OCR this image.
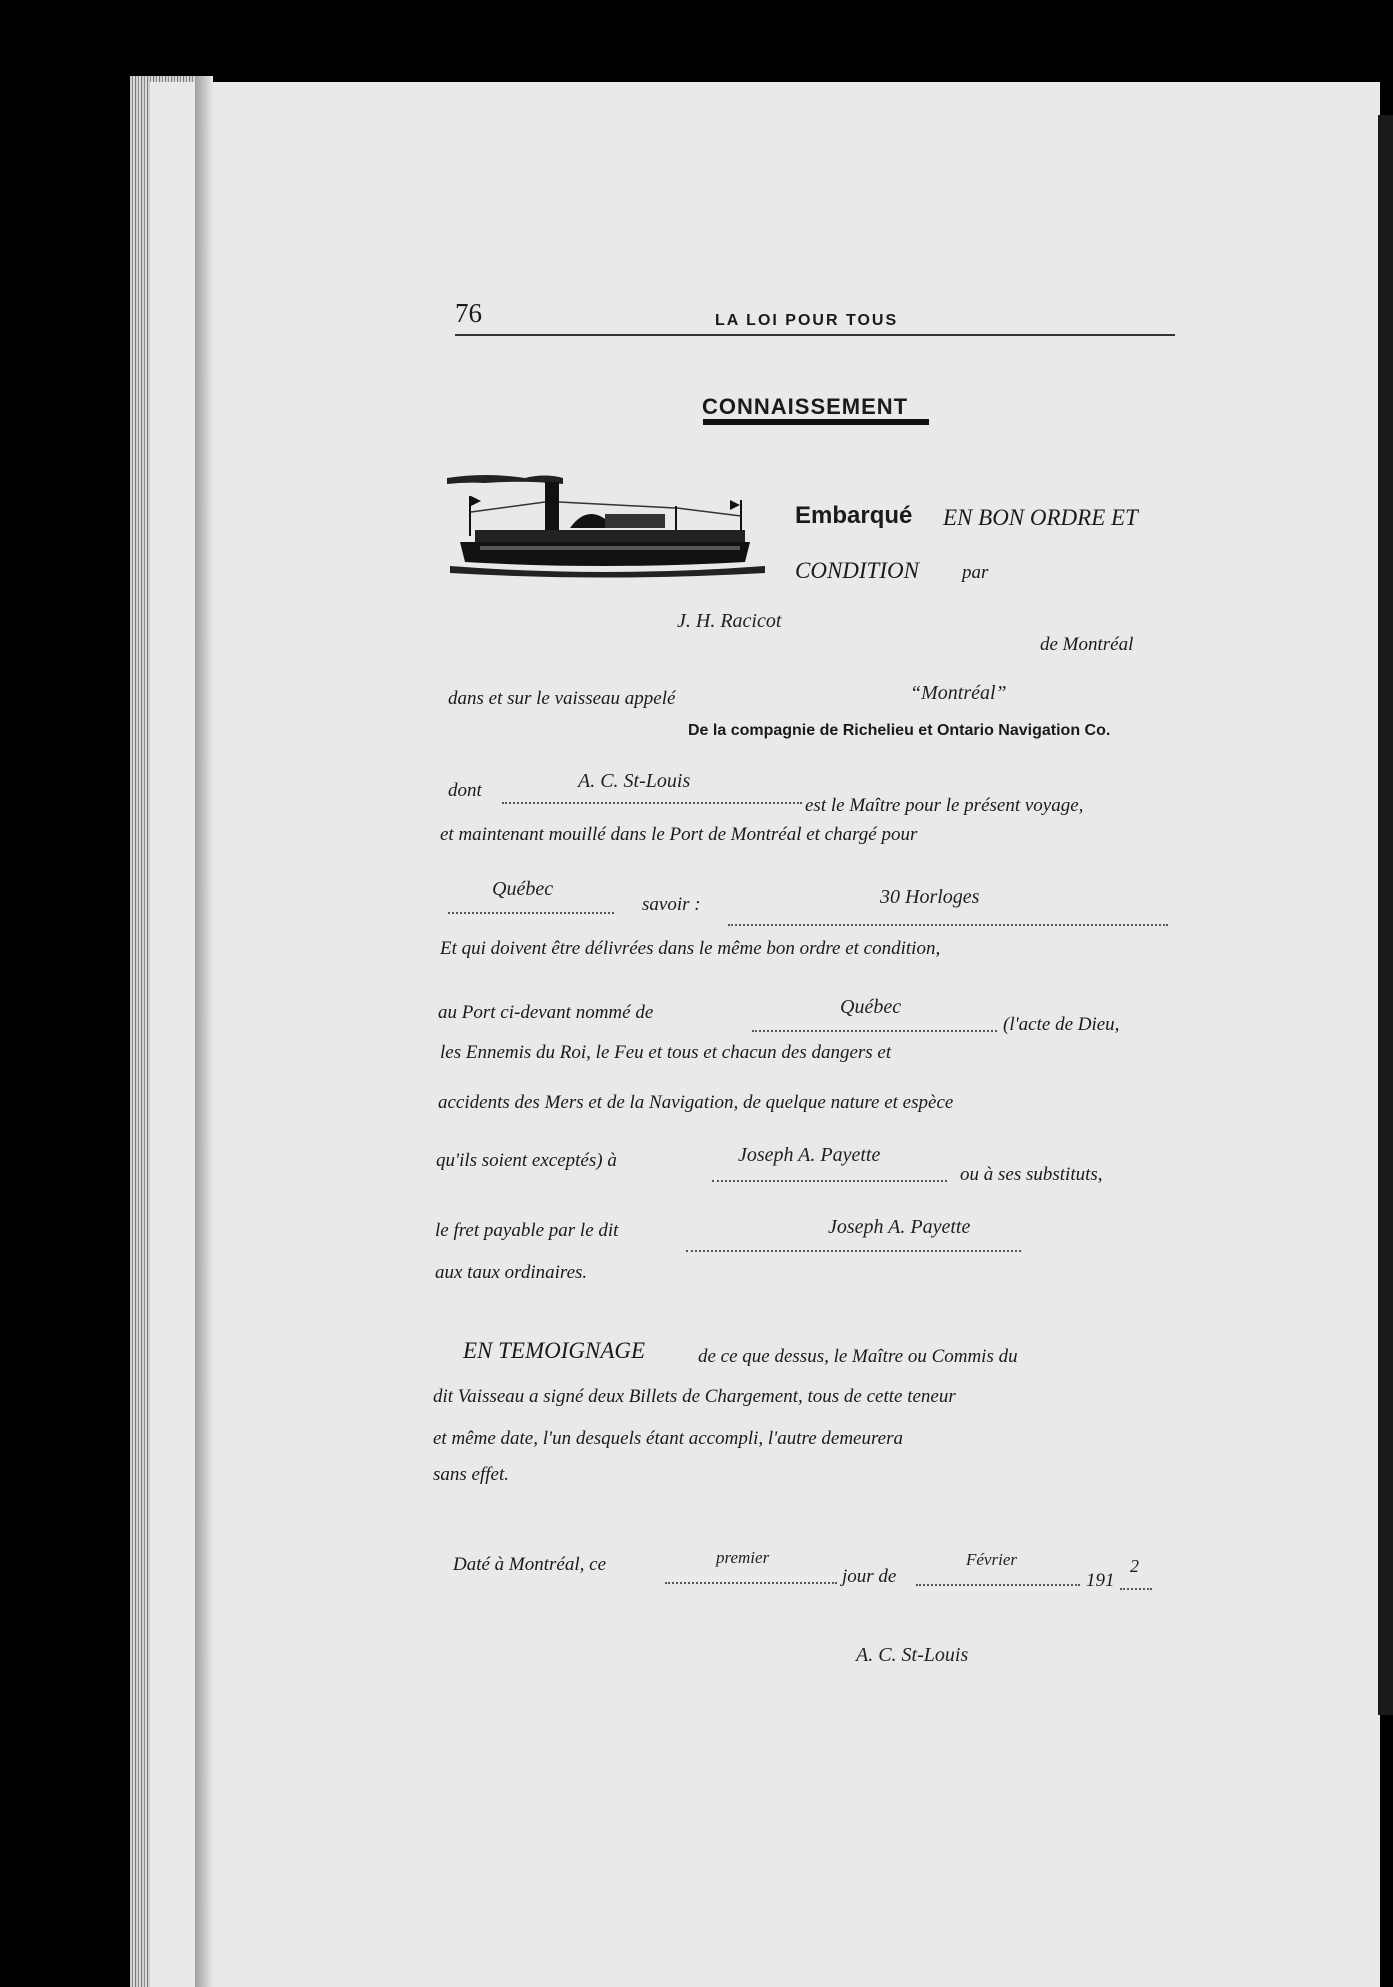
76	LA LOI POUR TOUS
CONNAISSEMENT
Embarqué EN BON ORDRE ET
CONDITION par
J. H. Racicot
de Montréal
dans et sur le vaisseau appelé	“Montréal”
De la compagnie de Richelieu et Ontario Navigation Co.
dont	A. C. St-Louis
est le Maître pour le présent voyage,
et maintenant mouillé dans le Port de Montréal et chargé pour
Québec
savoir :	30 Horloges
Et qui doivent être délivrées dans le même bon ordre et condition,
au Port ci-devant nommé de	Québec
(l'acte de Dieu,
les Ennemis du Roi, le Feu et tous et chacun des dangers et
accidents des Mers et de la Navigation, de quelque nature et espèce
qu'ils soient exceptés) à	Joseph A. Payette
ou à ses substituts,
le fret payable par le dit	Joseph A. Payette
aux taux ordinaires.
EN TEMOIGNAGE	de ce que dessus, le Maître ou Commis du
dit Vaisseau a signé deux Billets de Chargement, tous de cette teneur
et même date, l'un desquels étant accompli, l'autre demeurera
sans effet.
Daté à Montréal, ce	premier
jour de
Février
191
2
A. C. St-Louis
